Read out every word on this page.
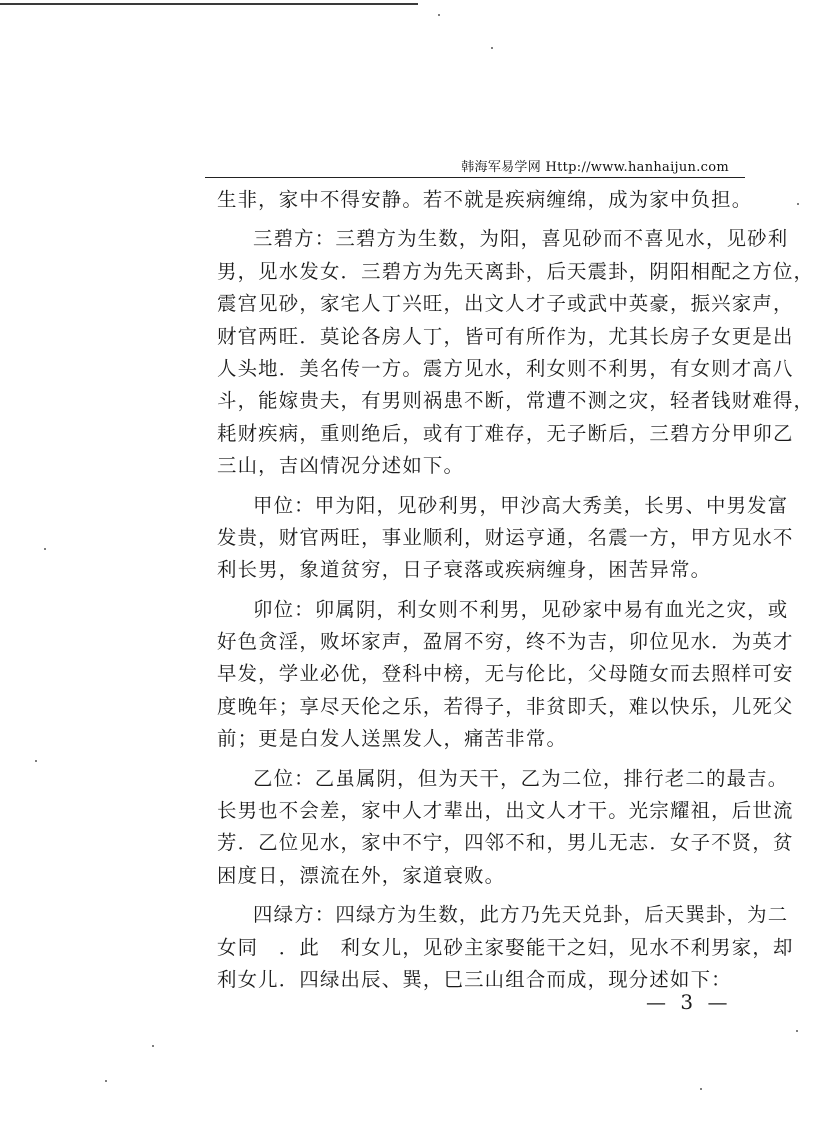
韩海军易学网 Http://www.hanhaijun.com
生非，家中不得安静。若不就是疾病缠绵，成为家中负担。
三碧方：三碧方为生数，为阳，喜见砂而不喜见水，见砂利
男，见水发女．三碧方为先天离卦，后天震卦，阴阳相配之方位，
震宫见砂，家宅人丁兴旺，出文人才子或武中英豪，振兴家声，
财官两旺．莫论各房人丁，皆可有所作为，尤其长房子女更是出
人头地．美名传一方。震方见水，利女则不利男，有女则才高八
斗，能嫁贵夫，有男则祸患不断，常遭不测之灾，轻者钱财难得，
耗财疾病，重则绝后，或有丁难存，无子断后，三碧方分甲卯乙
三山，吉凶情况分述如下。
甲位：甲为阳，见砂利男，甲沙高大秀美，长男、中男发富
发贵，财官两旺，事业顺利，财运亨通，名震一方，甲方见水不
利长男，象道贫穷，日子衰落或疾病缠身，困苦异常。
卯位：卯属阴，利女则不利男，见砂家中易有血光之灾，或
好色贪淫，败坏家声，盈屑不穷，终不为吉，卯位见水．为英才
早发，学业必优，登科中榜，无与伦比，父母随女而去照样可安
度晚年；享尽天伦之乐，若得子，非贫即夭，难以快乐，儿死父
前；更是白发人送黑发人，痛苦非常。
乙位：乙虽属阴，但为天干，乙为二位，排行老二的最吉。
长男也不会差，家中人才辈出，出文人才干。光宗耀祖，后世流
芳．乙位见水，家中不宁，四邻不和，男儿无志．女子不贤，贫
困度日，漂流在外，家道衰败。
四绿方：四绿方为生数，此方乃先天兑卦，后天巽卦，为二
女同　．此　利女儿，见砂主家娶能干之妇，见水不利男家，却
利女儿．四绿出辰、巽，巳三山组合而成，现分述如下：
— 3 —
